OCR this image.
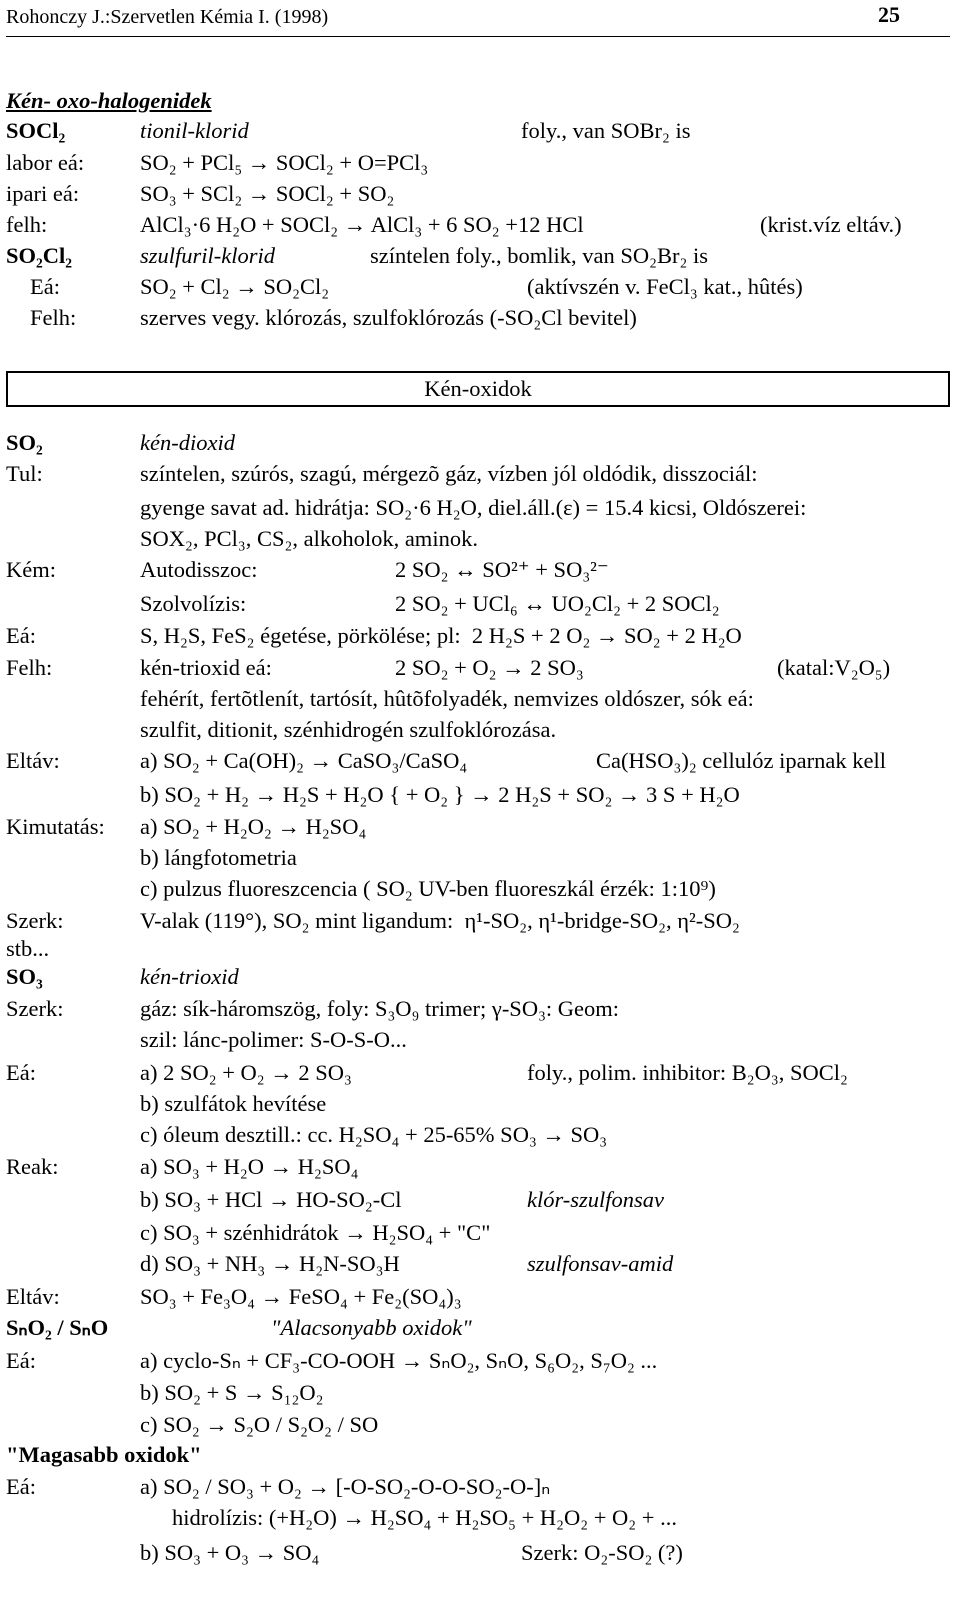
Rohonczy J.:Szervetlen Kémia I. (1998)	25
Kén-oxidok
Kén- oxo-halogenidek
SOCl₂	tionil-klorid	foly., van SOBr₂ is
labor eá: SO₂ + PCl₅ → SOCl₂ + O=PCl₃
ipari eá:	SO₃ + SCl₂ → SOCl₂ + SO₂
felh:	AlCl₃·6 H₂O + SOCl₂ → AlCl₃ + 6 SO₂ +12 HCl	(krist.víz eltáv.)
SO₂Cl₂	szulfuril-klorid	színtelen foly., bomlik, van SO₂Br₂ is
Eá:	SO₂ + Cl₂ → SO₂Cl₂	(aktívszén v. FeCl₃ kat., hûtés)
Felh:	szerves vegy. klórozás, szulfoklórozás (-SO₂Cl bevitel)
SO₂	kén-dioxid
Tul:	színtelen, szúrós, szagú, mérgezõ gáz, vízben jól oldódik, disszociál:
gyenge savat ad. hidrátja: SO₂·6 H₂O, diel.áll.(ε) = 15.4 kicsi, Oldószerei:
SOX₂, PCl₃, CS₂, alkoholok, aminok.
Kém:	Autodisszoc:	2 SO₂ ↔ SO²⁺ + SO₃²⁻
Szolvolízis:	2 SO₂ + UCl₆ ↔ UO₂Cl₂ + 2 SOCl₂
Eá:	S, H₂S, FeS₂ égetése, pörkölése; pl:  2 H₂S + 2 O₂ → SO₂ + 2 H₂O
Felh:	kén-trioxid eá:	2 SO₂ + O₂ → 2 SO₃	(katal:V₂O₅)
fehérít, fertõtlenít, tartósít, hûtõfolyadék, nemvizes oldószer, sók eá:
szulfit, ditionit, szénhidrogén szulfoklórozása.
Eltáv:	a) SO₂ + Ca(OH)₂ → CaSO₃/CaSO₄	Ca(HSO₃)₂ cellulóz iparnak kell
b) SO₂ + H₂ → H₂S + H₂O { + O₂ } → 2 H₂S + SO₂ → 3 S + H₂O
Kimutatás: a) SO₂ + H₂O₂ → H₂SO₄
b) lángfotometria
c) pulzus fluoreszcencia ( SO₂ UV-ben fluoreszkál érzék: 1:10⁹)
Szerk:	V-alak (119°), SO₂ mint ligandum:  η¹-SO₂, η¹-bridge-SO₂, η²-SO₂
stb...
SO₃	kén-trioxid
Szerk:	gáz: sík-háromszög, foly: S₃O₉ trimer; γ-SO₃: Geom:
szil: lánc-polimer: S-O-S-O...
Eá:	a) 2 SO₂ + O₂ → 2 SO₃	foly., polim. inhibitor: B₂O₃, SOCl₂
b) szulfátok hevítése
c) óleum desztill.: cc. H₂SO₄ + 25-65% SO₃ → SO₃
Reak:	a) SO₃ + H₂O → H₂SO₄
b) SO₃ + HCl → HO-SO₂-Cl	klór-szulfonsav
c) SO₃ + szénhidrátok → H₂SO₄ + "C"
d) SO₃ + NH₃ → H₂N-SO₃H	szulfonsav-amid
Eltáv:	SO₃ + Fe₃O₄ → FeSO₄ + Fe₂(SO₄)₃
SₙO₂ / SₙO	"Alacsonyabb oxidok"
Eá:	a) cyclo-Sₙ + CF₃-CO-OOH → SₙO₂, SₙO, S₆O₂, S₇O₂ ...
b) SO₂ + S → S₁₂O₂
c) SO₂ → S₂O / S₂O₂ / SO
"Magasabb oxidok"
Eá:	a) SO₂ / SO₃ + O₂ → [-O-SO₂-O-O-SO₂-O-]ₙ
hidrolízis: (+H₂O) → H₂SO₄ + H₂SO₅ + H₂O₂ + O₂ + ...
b) SO₃ + O₃ → SO₄	Szerk: O₂-SO₂ (?)
